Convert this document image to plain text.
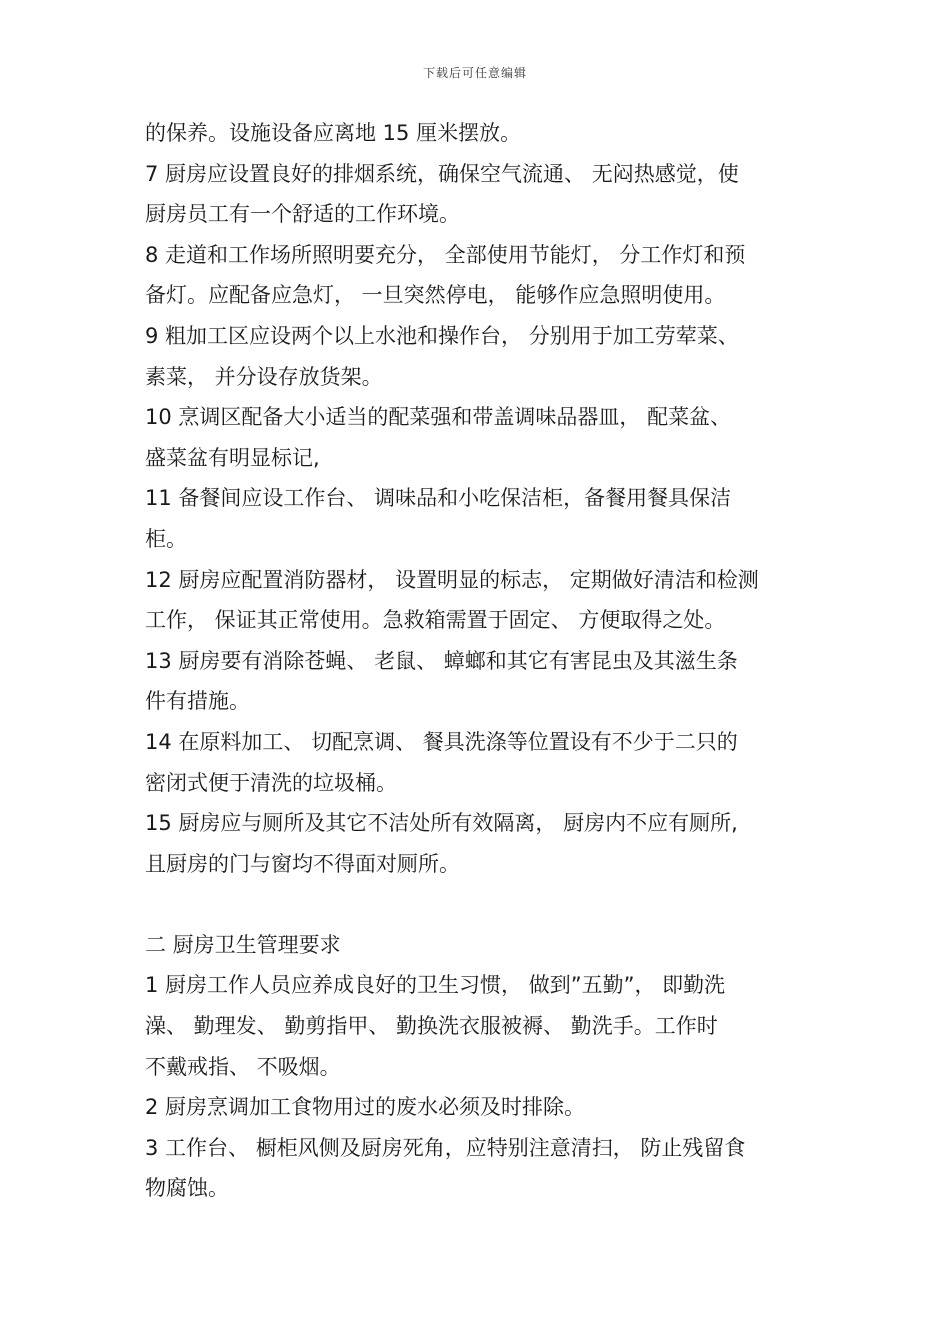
下载后可任意编辑
的保养。设施设备应离地 15 厘米摆放。
7 厨房应设置良好的排烟系统，确保空气流通、 无闷热感觉，使
厨房员工有一个舒适的工作环境。
8 走道和工作场所照明要充分， 全部使用节能灯， 分工作灯和预
备灯。应配备应急灯， 一旦突然停电， 能够作应急照明使用。
9 粗加工区应设两个以上水池和操作台， 分别用于加工劳荤菜、
素菜， 并分设存放货架。
10 烹调区配备大小适当的配菜强和带盖调味品器皿， 配菜盆、
盛菜盆有明显标记,
11 备餐间应设工作台、 调味品和小吃保洁柜，备餐用餐具保洁
柜。
12 厨房应配置消防器材， 设置明显的标志， 定期做好清洁和检测
工作， 保证其正常使用。急救箱需置于固定、 方便取得之处。
13 厨房要有消除苍蝇、 老鼠、 蟑螂和其它有害昆虫及其滋生条
件有措施。
14 在原料加工、 切配烹调、 餐具洗涤等位置设有不少于二只的
密闭式便于清洗的垃圾桶。
15 厨房应与厕所及其它不洁处所有效隔离， 厨房内不应有厕所,
且厨房的门与窗均不得面对厕所。
二 厨房卫生管理要求
1 厨房工作人员应养成良好的卫生习惯， 做到”五勤”， 即勤洗
澡、 勤理发、 勤剪指甲、 勤换洗衣服被褥、 勤洗手。工作时
不戴戒指、 不吸烟。
2 厨房烹调加工食物用过的废水必须及时排除。
3 工作台、 橱柜风侧及厨房死角，应特别注意清扫， 防止残留食
物腐蚀。
